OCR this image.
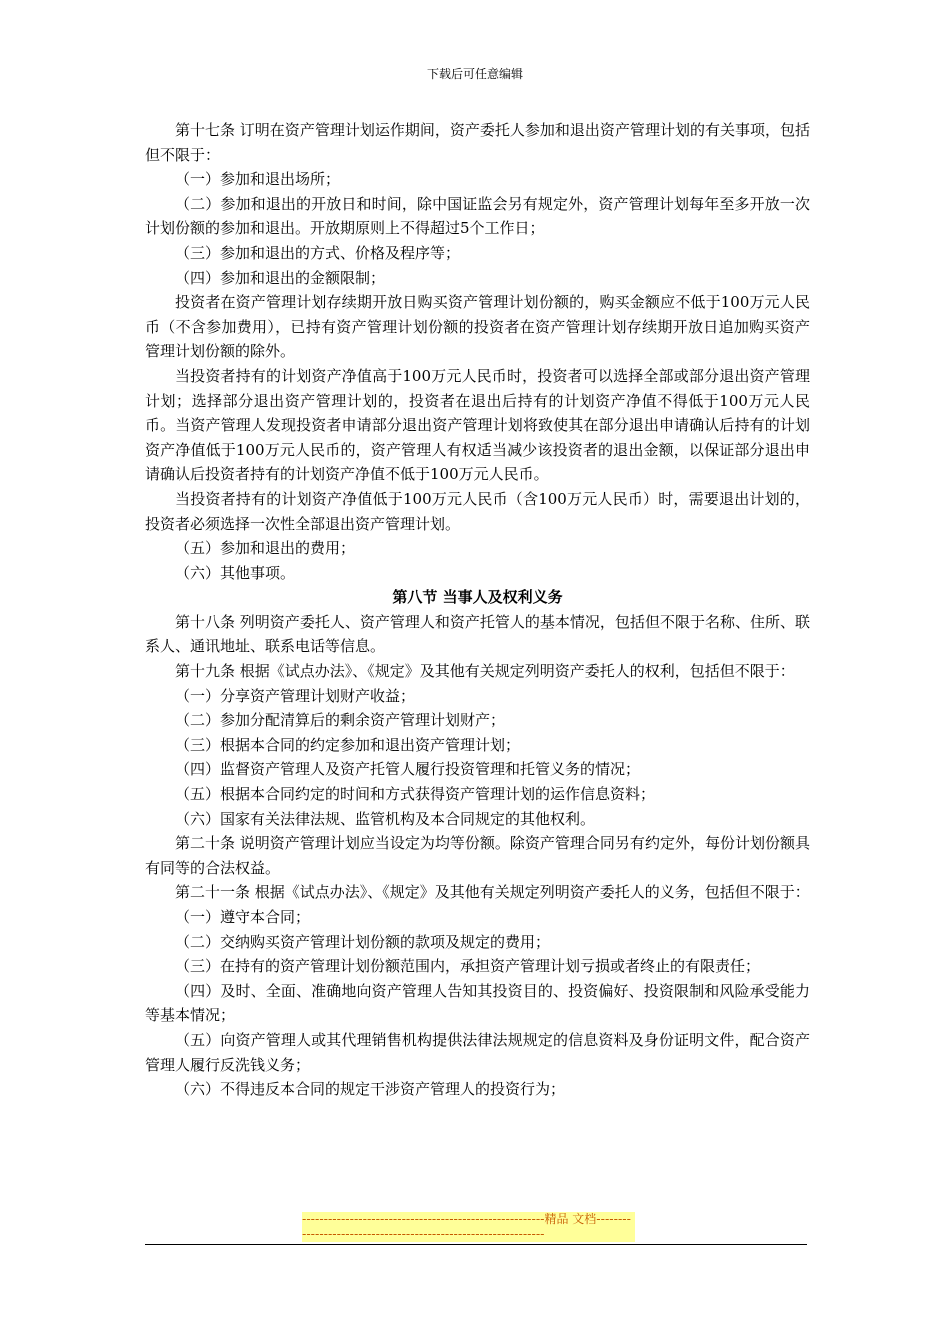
下载后可任意编辑

第十七条 订明在资产管理计划运作期间，资产委托人参加和退出资产管理计划的有关事项，包括但不限于：

（一）参加和退出场所；

（二）参加和退出的开放日和时间，除中国证监会另有规定外，资产管理计划每年至多开放一次计划份额的参加和退出。开放期原则上不得超过5个工作日；

（三）参加和退出的方式、价格及程序等；

（四）参加和退出的金额限制；

投资者在资产管理计划存续期开放日购买资产管理计划份额的，购买金额应不低于100万元人民币（不含参加费用），已持有资产管理计划份额的投资者在资产管理计划存续期开放日追加购买资产管理计划份额的除外。

当投资者持有的计划资产净值高于100万元人民币时，投资者可以选择全部或部分退出资产管理计划；选择部分退出资产管理计划的，投资者在退出后持有的计划资产净值不得低于100万元人民币。当资产管理人发现投资者申请部分退出资产管理计划将致使其在部分退出申请确认后持有的计划资产净值低于100万元人民币的，资产管理人有权适当减少该投资者的退出金额，以保证部分退出申请确认后投资者持有的计划资产净值不低于100万元人民币。

当投资者持有的计划资产净值低于100万元人民币（含100万元人民币）时，需要退出计划的，投资者必须选择一次性全部退出资产管理计划。

（五）参加和退出的费用；

（六）其他事项。

第八节 当事人及权利义务

第十八条 列明资产委托人、资产管理人和资产托管人的基本情况，包括但不限于名称、住所、联系人、通讯地址、联系电话等信息。

第十九条 根据《试点办法》、《规定》及其他有关规定列明资产委托人的权利，包括但不限于：

（一）分享资产管理计划财产收益；

（二）参加分配清算后的剩余资产管理计划财产；

（三）根据本合同的约定参加和退出资产管理计划；

（四）监督资产管理人及资产托管人履行投资管理和托管义务的情况；

（五）根据本合同约定的时间和方式获得资产管理计划的运作信息资料；

（六）国家有关法律法规、监管机构及本合同规定的其他权利。

第二十条 说明资产管理计划应当设定为均等份额。除资产管理合同另有约定外，每份计划份额具有同等的合法权益。

第二十一条 根据《试点办法》、《规定》及其他有关规定列明资产委托人的义务，包括但不限于：

（一）遵守本合同；

（二）交纳购买资产管理计划份额的款项及规定的费用；

（三）在持有的资产管理计划份额范围内，承担资产管理计划亏损或者终止的有限责任；

（四）及时、全面、准确地向资产管理人告知其投资目的、投资偏好、投资限制和风险承受能力等基本情况；

（五）向资产管理人或其代理销售机构提供法律法规规定的信息资料及身份证明文件，配合资产管理人履行反洗钱义务；

（六）不得违反本合同的规定干涉资产管理人的投资行为；

--------------------------------------------------------精品 文档----------------------------------------------------------------
